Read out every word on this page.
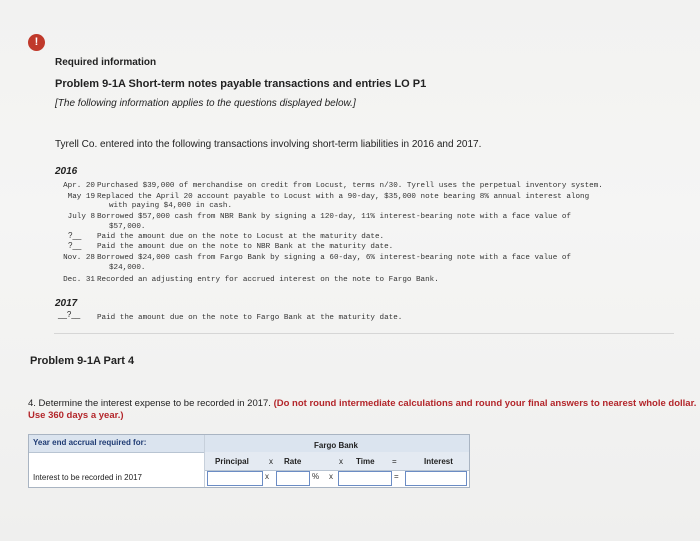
!
Required information
Problem 9-1A Short-term notes payable transactions and entries LO P1
[The following information applies to the questions displayed below.]
Tyrell Co. entered into the following transactions involving short-term liabilities in 2016 and 2017.
2016
Apr. 20 Purchased $39,000 of merchandise on credit from Locust, terms n/30. Tyrell uses the perpetual inventory system.
May 19 Replaced the April 20 account payable to Locust with a 90-day, $35,000 note bearing 8% annual interest along
with paying $4,000 in cash.
July 8 Borrowed $57,000 cash from NBR Bank by signing a 120-day, 11% interest-bearing note with a face value of
$57,000.
?__ Paid the amount due on the note to Locust at the maturity date.
?__ Paid the amount due on the note to NBR Bank at the maturity date.
Nov. 28 Borrowed $24,000 cash from Fargo Bank by signing a 60-day, 6% interest-bearing note with a face value of
$24,000.
Dec. 31 Recorded an adjusting entry for accrued interest on the note to Fargo Bank.
2017
__?__ Paid the amount due on the note to Fargo Bank at the maturity date.
Problem 9-1A Part 4
4. Determine the interest expense to be recorded in 2017. (Do not round intermediate calculations and round your final answers to nearest whole dollar. Use 360 days a year.)
Year end accrual required for:	Fargo Bank
Principal	x Rate	x Time =	Interest
Interest to be recorded in 2017	x	% x	=
